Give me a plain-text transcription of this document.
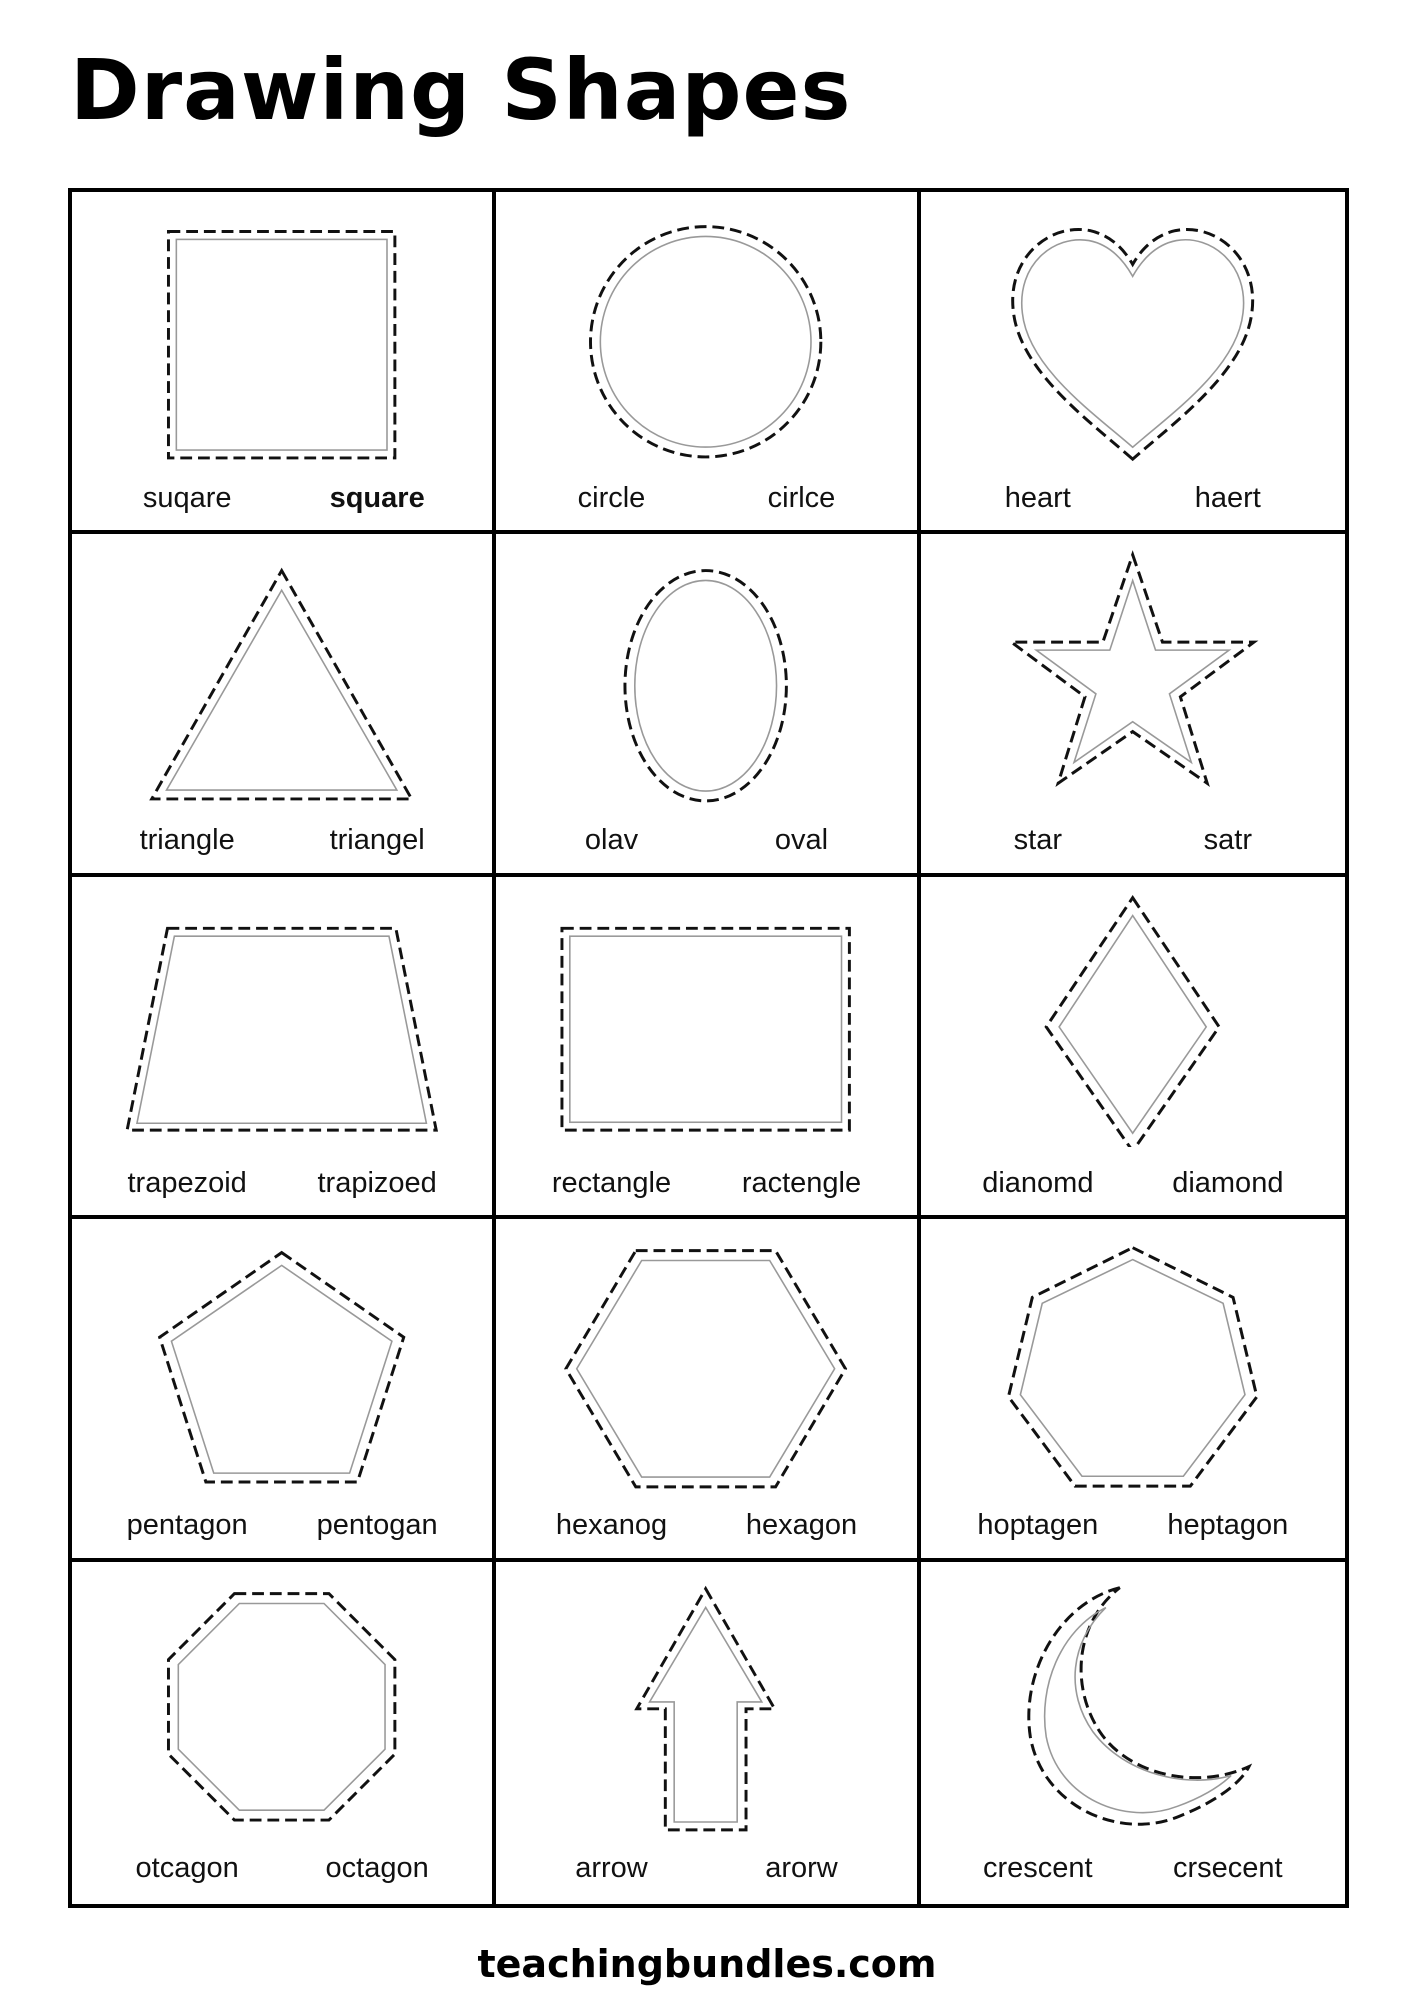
Drawing Shapes
suqare	square	circle	cirlce	heart	haert
triangle	triangel	olav	oval	star	satr
trapezoid trapizoed	rectangle ractengle	dianomd	diamond
pentagon pentogan	hexanog	hexagon	hoptagen heptagon
otcagon	octagon	arrow	arorw	crescent	crsecent
teachingbundles.com
